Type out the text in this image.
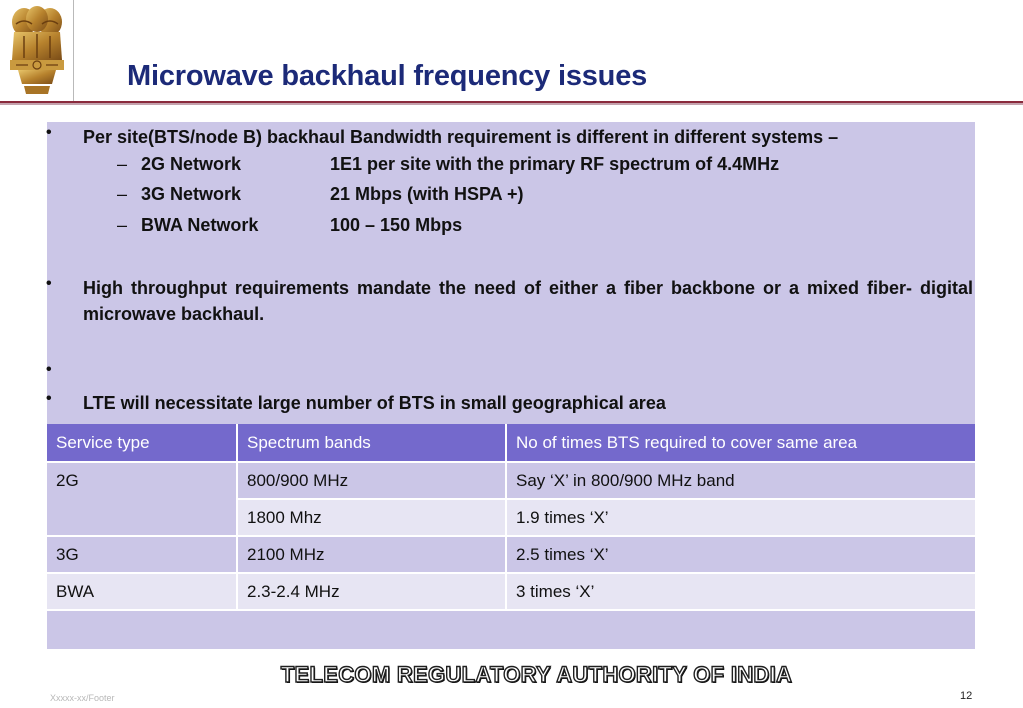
Microwave backhaul frequency issues
• Per site(BTS/node B) backhaul Bandwidth requirement is different in different systems –
– 2G Network	1E1 per site with the primary RF spectrum of 4.4MHz
– 3G Network	21 Mbps (with HSPA +)
– BWA Network	100 – 150 Mbps
• High throughput requirements mandate the need of either a fiber backbone or a mixed fiber- digital microwave backhaul.
•
• LTE will necessitate large number of BTS in small geographical area
Service type	Spectrum bands	No of times BTS required to cover same area
2G	800/900 MHz	Say ‘X’ in 800/900 MHz band
	1800 Mhz	1.9 times ‘X’
3G	2100 MHz	2.5 times ‘X’
BWA	2.3-2.4 MHz	3 times ‘X’
TELECOM REGULATORY AUTHORITY OF INDIA
Xxxxx-xx/Footer	12
